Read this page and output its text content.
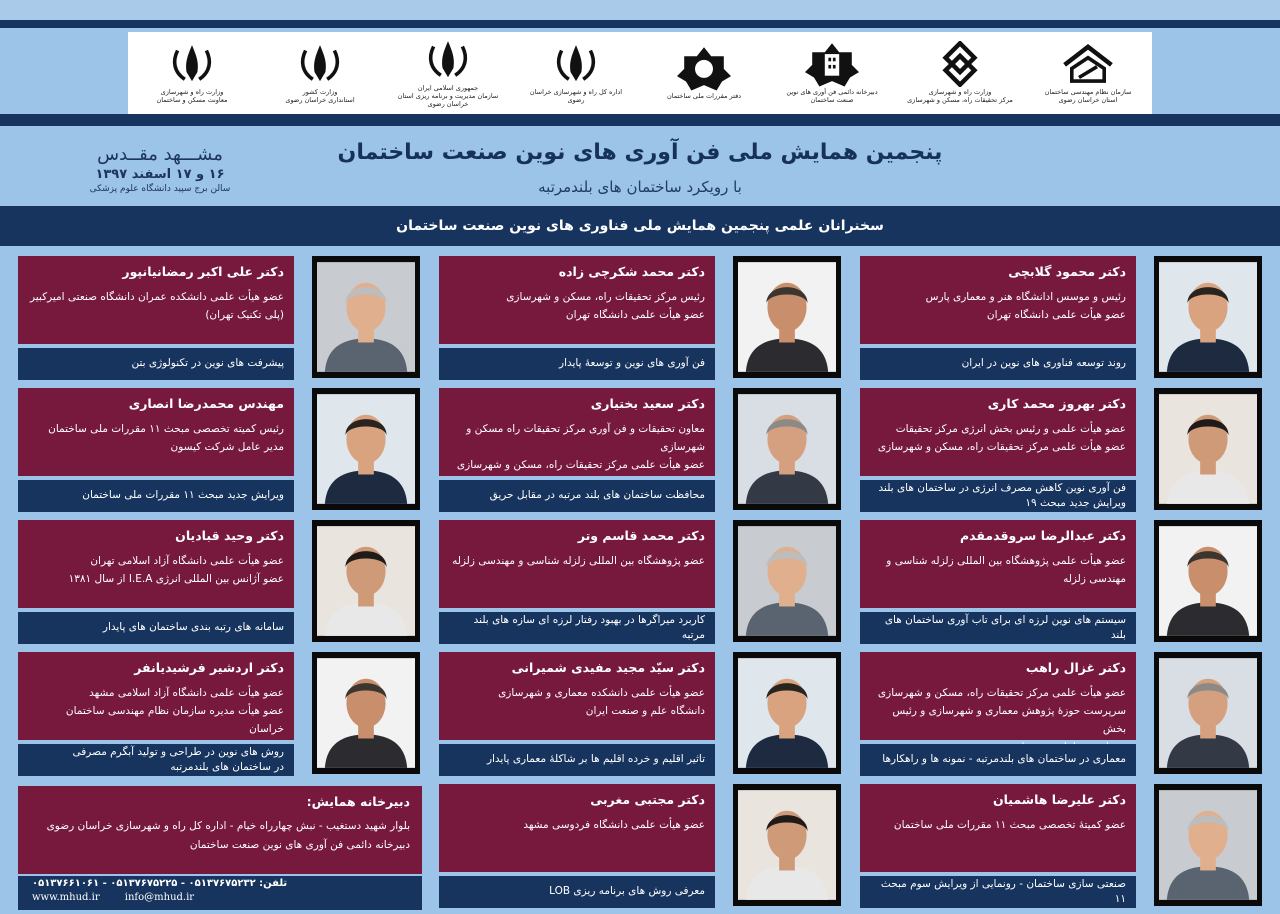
وزارت راه و شهرسازی
معاونت مسکن و ساختمان
وزارت کشور
استانداری خراسان رضوی
جمهوری اسلامی ایران
سازمان مدیریت و برنامه ریزی استان خراسان رضوی
اداره کل راه و شهرسازی خراسان رضوی	دفتر مقررات ملی ساختمان	دبیرخانه دائمی فن آوری های نوین صنعت ساختمان
وزارت راه و شهرسازی
مرکز تحقیقات راه، مسکن و شهرسازی
سازمان نظام مهندسی ساختمان
استان خراسان رضوی
پنجمین همایش ملی فن آوری های نوین صنعت ساختمان
با رویکرد ساختمان های بلندمرتبه
مشـــهد مقــدس
۱۶ و ۱۷ اسفند ۱۳۹۷
سالن برج سپید دانشگاه علوم پزشکی
سخنرانان علمی پنجمین همایش ملی فناوری های نوین صنعت ساختمان
دکتر محمود گلابچی
رئیس و موسس ادانشگاه هنر و معماری پارس
عضو هیأت علمی دانشگاه تهران
روند توسعه فناوری های نوین در ایران
دکتر محمد شکرچی زاده
رئیس مرکز تحقیقات راه، مسکن و شهرسازی
عضو هیأت علمی دانشگاه تهران
فن آوری های نوین و توسعهٔ پایدار
دکتر علی اکبر رمضانیانپور
عضو هیأت علمی دانشکده عمران دانشگاه صنعتی امیرکبیر
(پلی تکنیک تهران)
پیشرفت های نوین در تکنولوژی بتن
دکتر بهروز محمد کاری
عضو هیأت علمی و رئیس بخش انرژی مرکز تحقیقات
عضو هیأت علمی مرکز تحقیقات راه، مسکن و شهرسازی
فن آوری نوین کاهش مصرف انرژی در ساختمان های بلند
ویرایش جدید مبحث ۱۹
دکتر سعید بختیاری
معاون تحقیقات و فن آوری مرکز تحقیقات راه مسکن و شهرسازی
عضو هیأت علمی مرکز تحقیقات راه، مسکن و شهرسازی
محافظت ساختمان های بلند مرتبه در مقابل حریق
مهندس محمدرضا انصاری
رئیس کمیته تخصصی مبحث ۱۱ مقررات ملی ساختمان
مدیر عامل شرکت کیسون
ویرایش جدید مبحث ۱۱ مقررات ملی ساختمان
دکتر عبدالرضا سروقدمقدم
عضو هیأت علمی پژوهشگاه بین المللی زلزله شناسی و مهندسی زلزله
سیستم های نوین لرزه ای برای تاب آوری ساختمان های بلند
دکتر محمد قاسم وتر
عضو پژوهشگاه بین المللی زلزله شناسی و مهندسی زلزله
کاربرد میراگرها در بهبود رفتار لرزه ای سازه های بلند مرتبه
دکتر وحید قبادیان
عضو هیأت علمی دانشگاه آزاد اسلامی تهران
عضو آژانس بین المللی انرژی I.E.A از سال ۱۳۸۱
سامانه های رتبه بندی ساختمان های پایدار
دکتر غزال راهب
عضو هیأت علمی مرکز تحقیقات راه، مسکن و شهرسازی
سرپرست حوزهٔ پژوهش معماری و شهرسازی و رئیس بخش

معماری در ساختمان های بلندمرتبه - نمونه ها و راهکارها
دکتر سیّد مجید مفیدی شمیرانی
عضو هیأت علمی دانشکده معماری و شهرسازی
دانشگاه علم و صنعت ایران
تاثیر اقلیم و خرده اقلیم ها بر شاکلهٔ معماری پایدار
دکتر اردشیر فرشیدیانفر
عضو هیأت علمی دانشگاه آزاد اسلامی مشهد
عضو هیأت مدیره سازمان نظام مهندسی ساختمان خراسان
روش های نوین در طراحی و تولید آبگرم مصرفی
در ساختمان های بلندمرتبه
دکتر علیرضا هاشمیان
عضو کمیتهٔ تخصصی مبحث ۱۱ مقررات ملی ساختمان
صنعتی سازی ساختمان - رونمایی از ویرایش سوم مبحث ۱۱
دکتر مجتبی مغربی
عضو هیأت علمی دانشگاه فردوسی مشهد
معرفی روش های برنامه ریزی LOB
دبیرخانه همایش:
بلوار شهید دستغیب - نبش چهارراه خیام - اداره کل راه و شهرسازی خراسان رضوی
دبیرخانه دائمی فن آوری های نوین صنعت ساختمان
تلفن: ۰۵۱۳۷۶۷۵۲۳۲ - ۰۵۱۳۷۶۷۵۲۲۵ - ۰۵۱۳۷۶۶۱۰۶۱
www.mhud.ir	info@mhud.ir
